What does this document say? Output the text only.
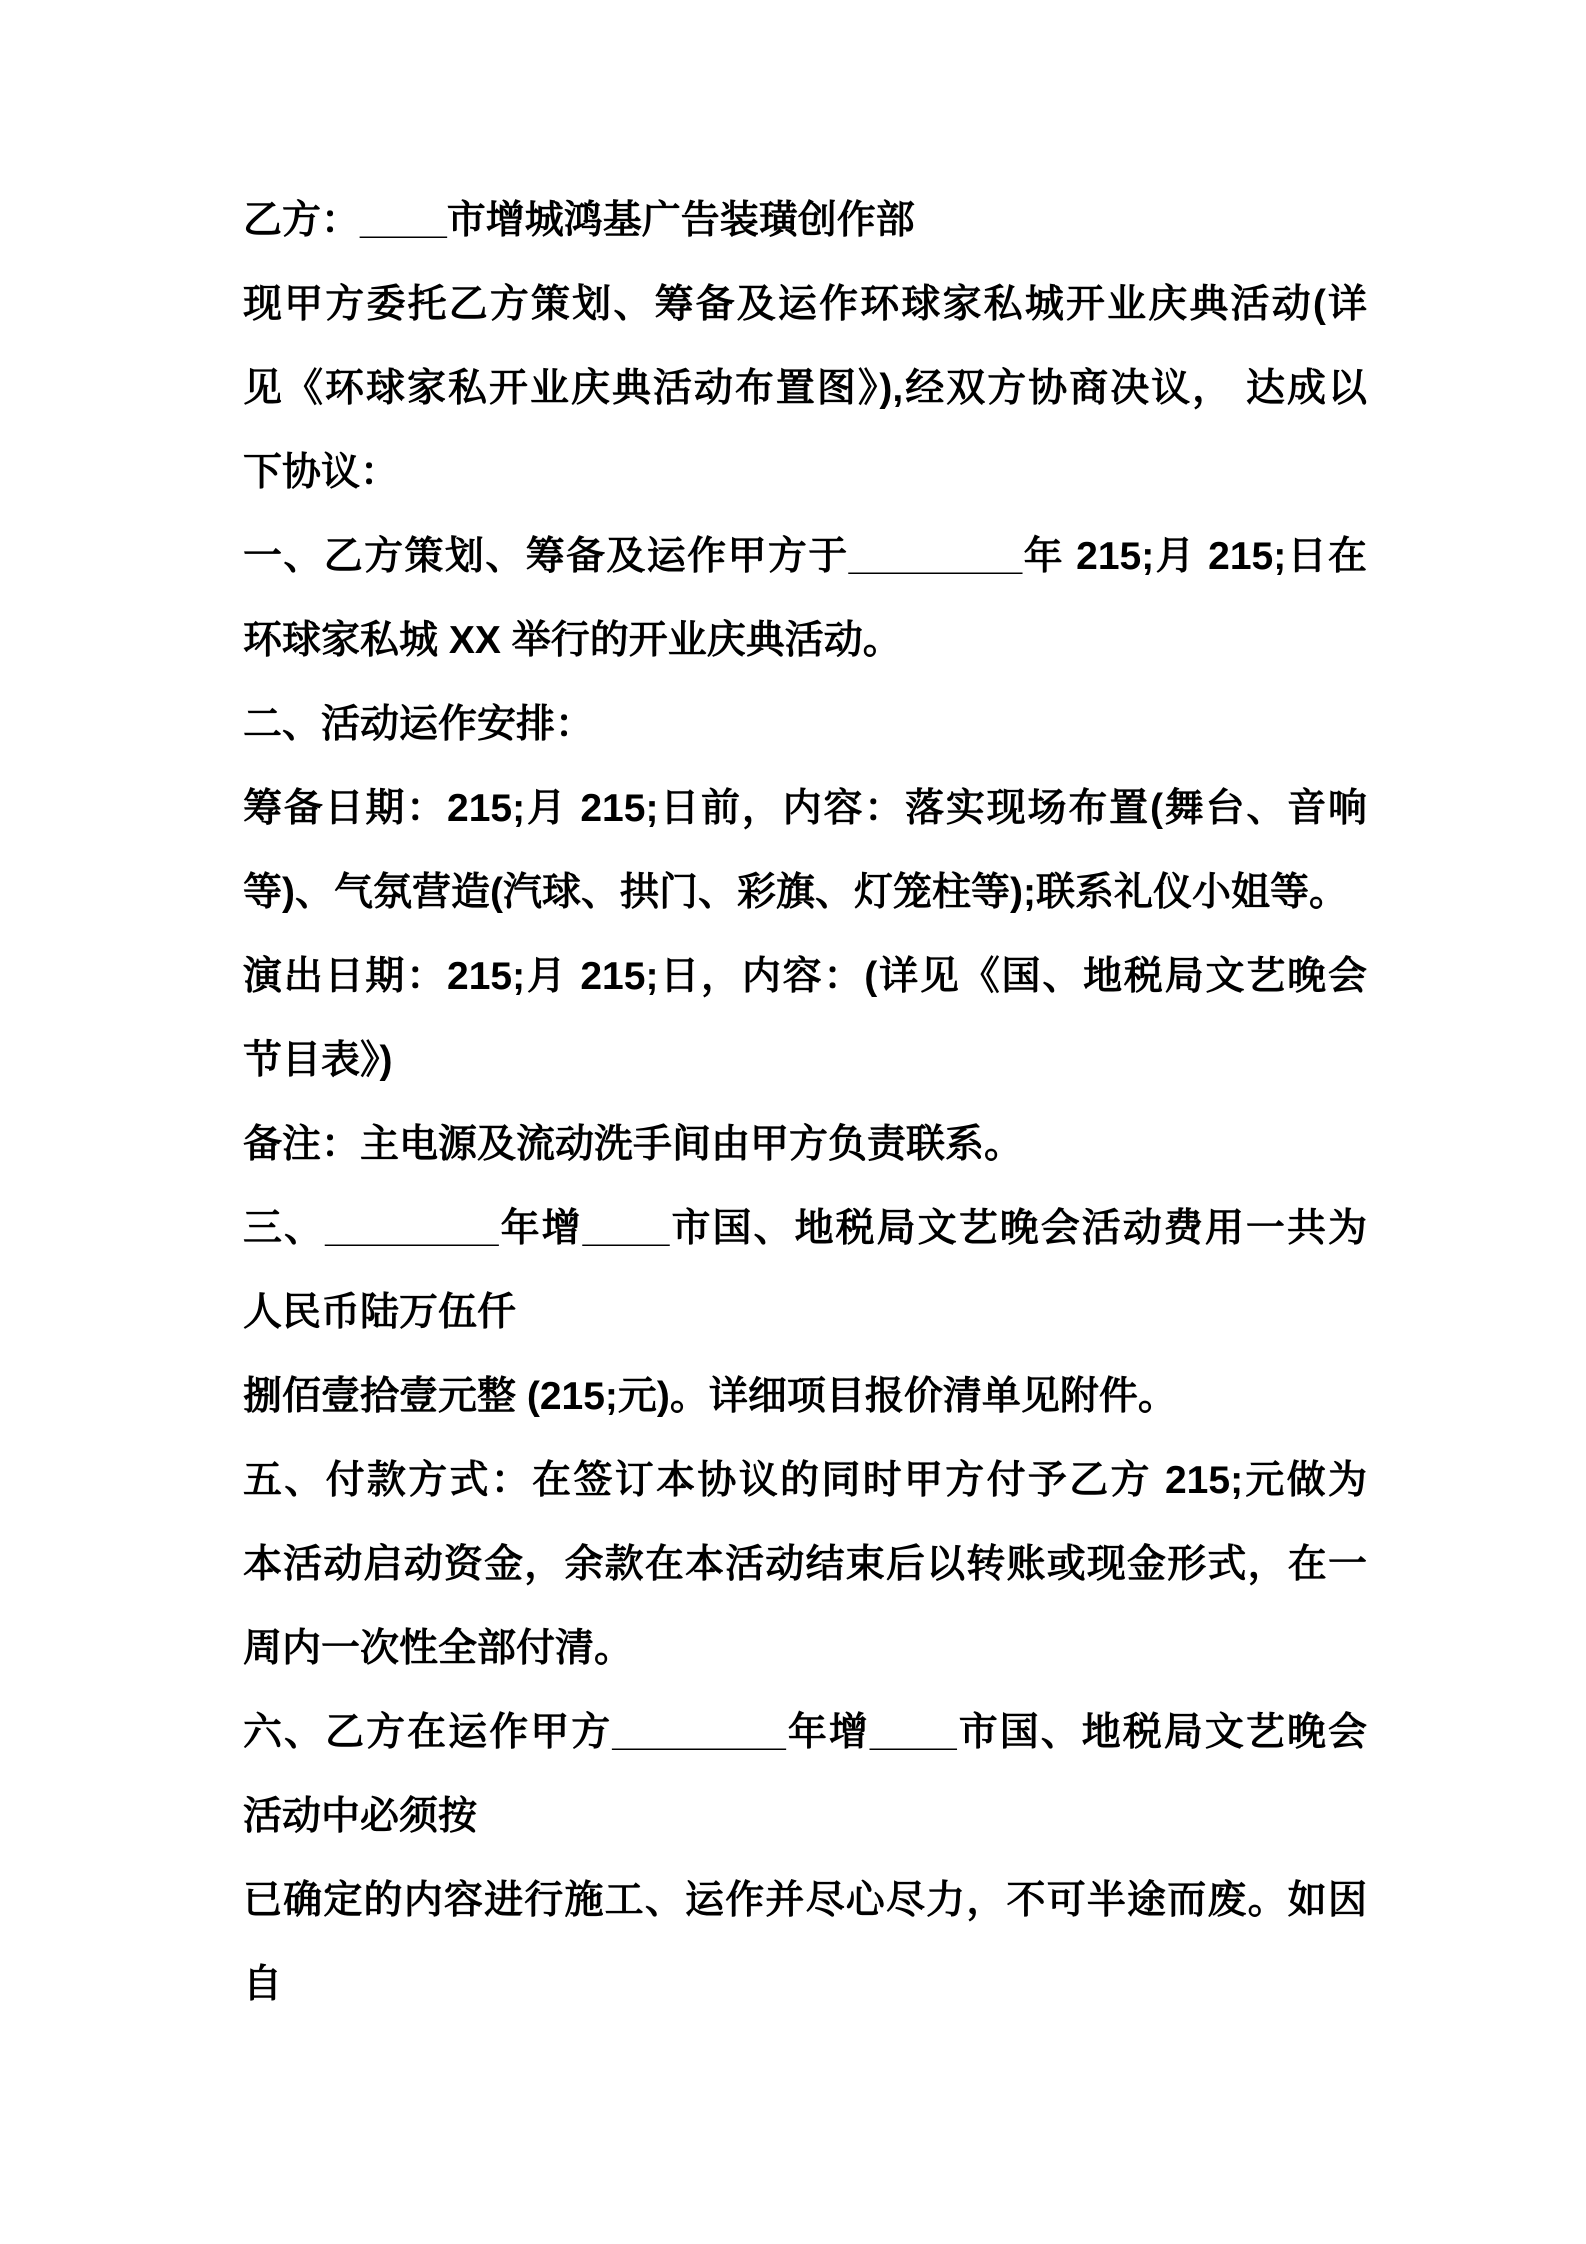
乙方：____市增城鸿基广告装璜创作部
现甲方委托乙方策划、筹备及运作环球家私城开业庆典活动(详
见《环球家私开业庆典活动布置图》),经双方协商决议， 达成以
下协议：
一、乙方策划、筹备及运作甲方于________年 215;月 215;日在
环球家私城 XX 举行的开业庆典活动。
二、活动运作安排：
筹备日期：215;月 215;日前，内容：落实现场布置(舞台、音响
等)、气氛营造(汽球、拱门、彩旗、灯笼柱等);联系礼仪小姐等。
演出日期：215;月 215;日，内容：(详见《国、地税局文艺晚会
节目表》)
备注：主电源及流动洗手间由甲方负责联系。
三、________年增____市国、地税局文艺晚会活动费用一共为
人民币陆万伍仟
捌佰壹拾壹元整 (215;元)。详细项目报价清单见附件。
五、付款方式：在签订本协议的同时甲方付予乙方 215;元做为
本活动启动资金，余款在本活动结束后以转账或现金形式，在一
周内一次性全部付清。
六、乙方在运作甲方________年增____市国、地税局文艺晚会
活动中必须按
已确定的内容进行施工、运作并尽心尽力，不可半途而废。如因
自
